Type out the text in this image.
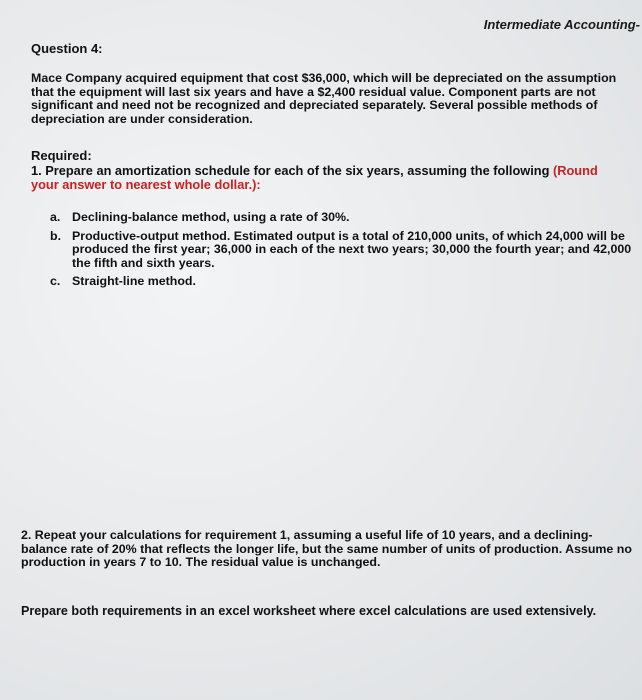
Intermediate Accounting-
Question 4:
Mace Company acquired equipment that cost $36,000, which will be depreciated on the assumption that the equipment will last six years and have a $2,400 residual value. Component parts are not significant and need not be recognized and depreciated separately. Several possible methods of depreciation are under consideration.
Required:
1. Prepare an amortization schedule for each of the six years, assuming the following (Round your answer to nearest whole dollar.):
a. Declining-balance method, using a rate of 30%.
b. Productive-output method. Estimated output is a total of 210,000 units, of which 24,000 will be produced the first year; 36,000 in each of the next two years; 30,000 the fourth year; and 42,000 the fifth and sixth years.
c. Straight-line method.
2. Repeat your calculations for requirement 1, assuming a useful life of 10 years, and a declining-balance rate of 20% that reflects the longer life, but the same number of units of production. Assume no production in years 7 to 10. The residual value is unchanged.
Prepare both requirements in an excel worksheet where excel calculations are used extensively.
